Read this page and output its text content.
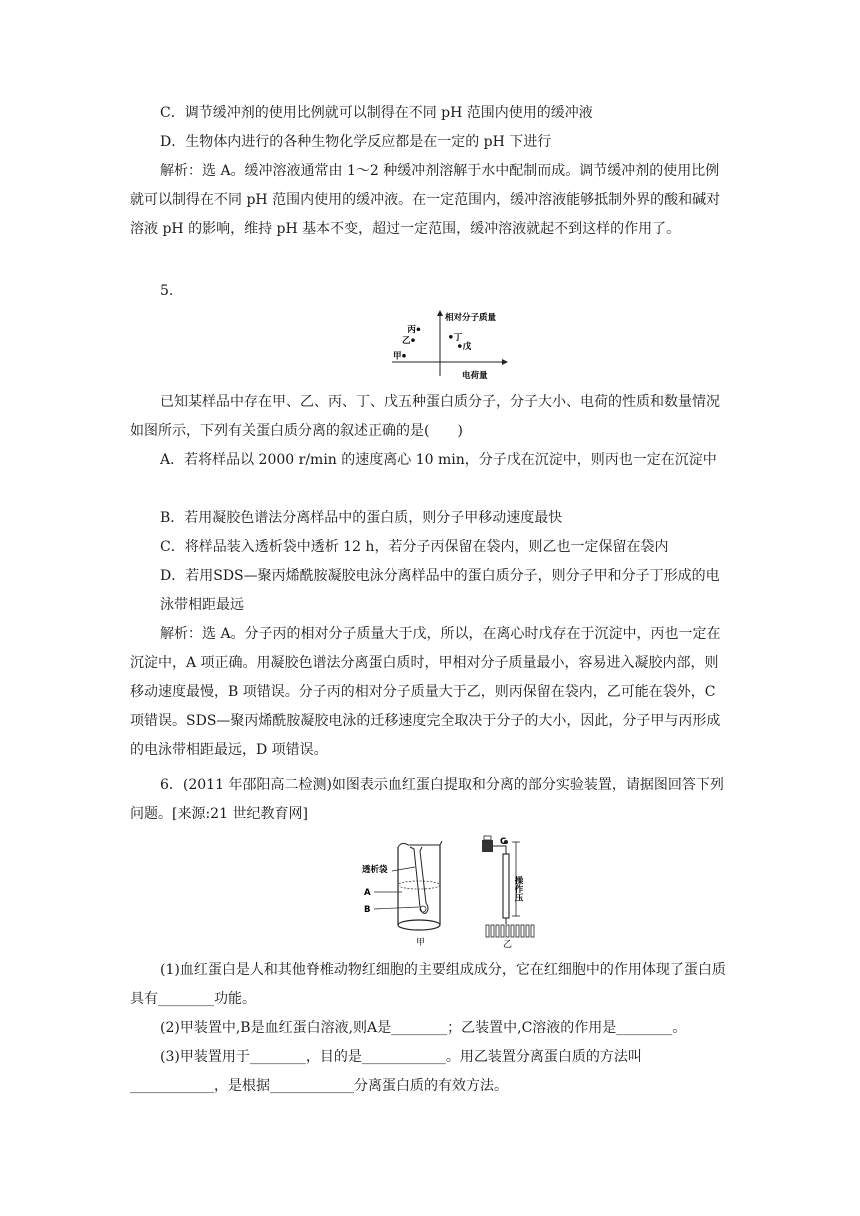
C．调节缓冲剂的使用比例就可以制得在不同 pH 范围内使用的缓冲液

D．生物体内进行的各种生物化学反应都是在一定的 pH 下进行

解析：选 A。缓冲溶液通常由 1～2 种缓冲剂溶解于水中配制而成。调节缓冲剂的使用比例就可以制得在不同 pH 范围内使用的缓冲液。在一定范围内，缓冲溶液能够抵制外界的酸和碱对溶液 pH 的影响，维持 pH 基本不变，超过一定范围，缓冲溶液就起不到这样的作用了。

5.

相对分子质量
电荷量
丙
乙
甲
丁
戊

已知某样品中存在甲、乙、丙、丁、戊五种蛋白质分子，分子大小、电荷的性质和数量情况如图所示，下列有关蛋白质分离的叙述正确的是(　　)

A．若将样品以 2000 r/min 的速度离心 10 min，分子戊在沉淀中，则丙也一定在沉淀中

B．若用凝胶色谱法分离样品中的蛋白质，则分子甲移动速度最快

C．将样品装入透析袋中透析 12 h，若分子丙保留在袋内，则乙也一定保留在袋内

D．若用SDS—聚丙烯酰胺凝胶电泳分离样品中的蛋白质分子，则分子甲和分子丁形成的电泳带相距最远

解析：选 A。分子丙的相对分子质量大于戊，所以，在离心时戊存在于沉淀中，丙也一定在沉淀中，A 项正确。用凝胶色谱法分离蛋白质时，甲相对分子质量最小，容易进入凝胶内部，则移动速度最慢，B 项错误。分子丙的相对分子质量大于乙，则丙保留在袋内，乙可能在袋外，C 项错误。SDS—聚丙烯酰胺凝胶电泳的迁移速度完全取决于分子的大小，因此，分子甲与丙形成的电泳带相距最远，D 项错误。

6．(2011 年邵阳高二检测)如图表示血红蛋白提取和分离的部分实验装置，请据图回答下列问题。[来源:21 世纪教育网]

透析袋
A
B
甲
C
操作压
乙

(1)血红蛋白是人和其他脊椎动物红细胞的主要组成成分，它在红细胞中的作用体现了蛋白质具有________功能。

(2)甲装置中,B是血红蛋白溶液,则A是________；乙装置中,C溶液的作用是________。

(3)甲装置用于________，目的是____________。用乙装置分离蛋白质的方法叫____________，是根据____________分离蛋白质的有效方法。
